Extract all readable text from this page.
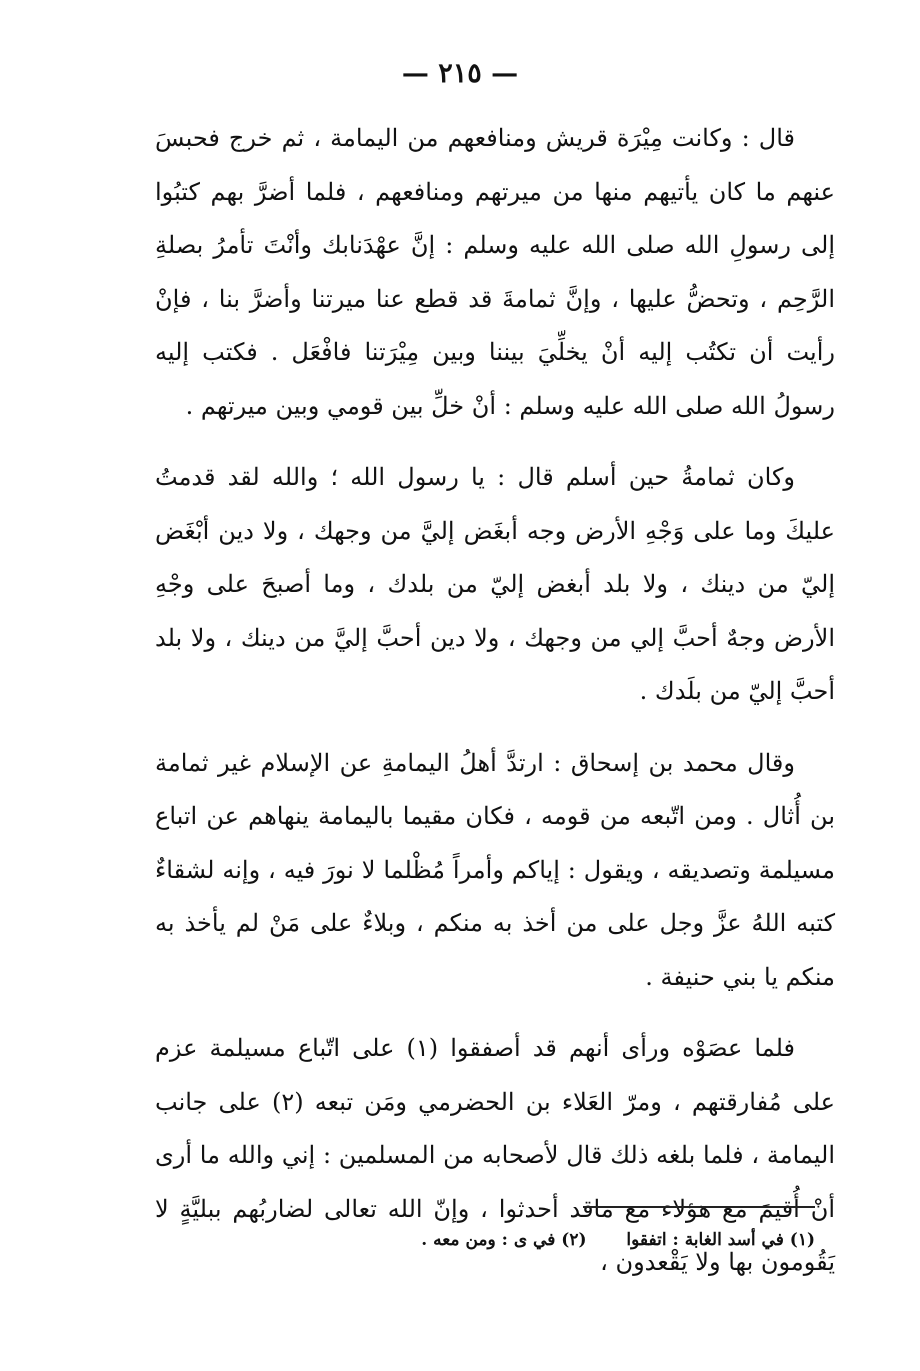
— ٢١٥ —

قال : وكانت مِيْرَة قريش ومنافعهم من اليمامة ، ثم خرج فحبسَ عنهم ما كان يأتيهم منها من ميرتهم ومنافعهم ، فلما أضرَّ بهم كتبُوا إلى رسولِ الله صلى الله عليه وسلم : إنَّ عهْدَنابك وأنْتَ تأمرُ بصلةِ الرَّحِم ، وتحضُّ عليها ، وإنَّ ثمامةَ قد قطع عنا ميرتنا وأضرَّ بنا ، فإنْ رأيت أن تكتُب إليه أنْ يخلِّيَ بيننا وبين مِيْرَتنا فافْعَل . فكتب إليه رسولُ الله صلى الله عليه وسلم : أنْ خلِّ بين قومي وبين ميرتهم .

وكان ثمامةُ حين أسلم قال : يا رسول الله ؛ والله لقد قدمتُ عليكَ وما على وَجْهِ الأرض وجه أبغَض إليَّ من وجهك ، ولا دين أبْغَض إليّ من دينك ، ولا بلد أبغض إليّ من بلدك ، وما أصبحَ على وجْهِ الأرض وجهٌ أحبَّ إلي من وجهك ، ولا دين أحبَّ إليَّ من دينك ، ولا بلد أحبَّ إليّ من بلَدك .

وقال محمد بن إسحاق : ارتدَّ أهلُ اليمامةِ عن الإسلام غير ثمامة بن أُثال . ومن اتّبعه من قومه ، فكان مقيما باليمامة ينهاهم عن اتباع مسيلمة وتصديقه ، ويقول : إياكم وأمراً مُظْلما لا نورَ فيه ، وإنه لشقاءٌ كتبه اللهُ عزَّ وجل على من أخذ به منكم ، وبلاءٌ على مَنْ لم يأخذ به منكم يا بني حنيفة .

فلما عصَوْه ورأى أنهم قد أصفقوا (١) على اتّباع مسيلمة عزم على مُفارقتهم ، ومرّ العَلاء بن الحضرمي ومَن تبعه (٢) على جانب اليمامة ، فلما بلغه ذلك قال لأصحابه من المسلمين : إني والله ما أرى أنْ أُقيمَ مع هؤلاء مع ماقد أحدثوا ، وإنّ الله تعالى لضاربُهم ببليَّةٍ لا يَقُومون بها ولا يَقْعدون ،

(١) في أسد الغابة : اتفقوا (٢) في ى : ومن معه .
